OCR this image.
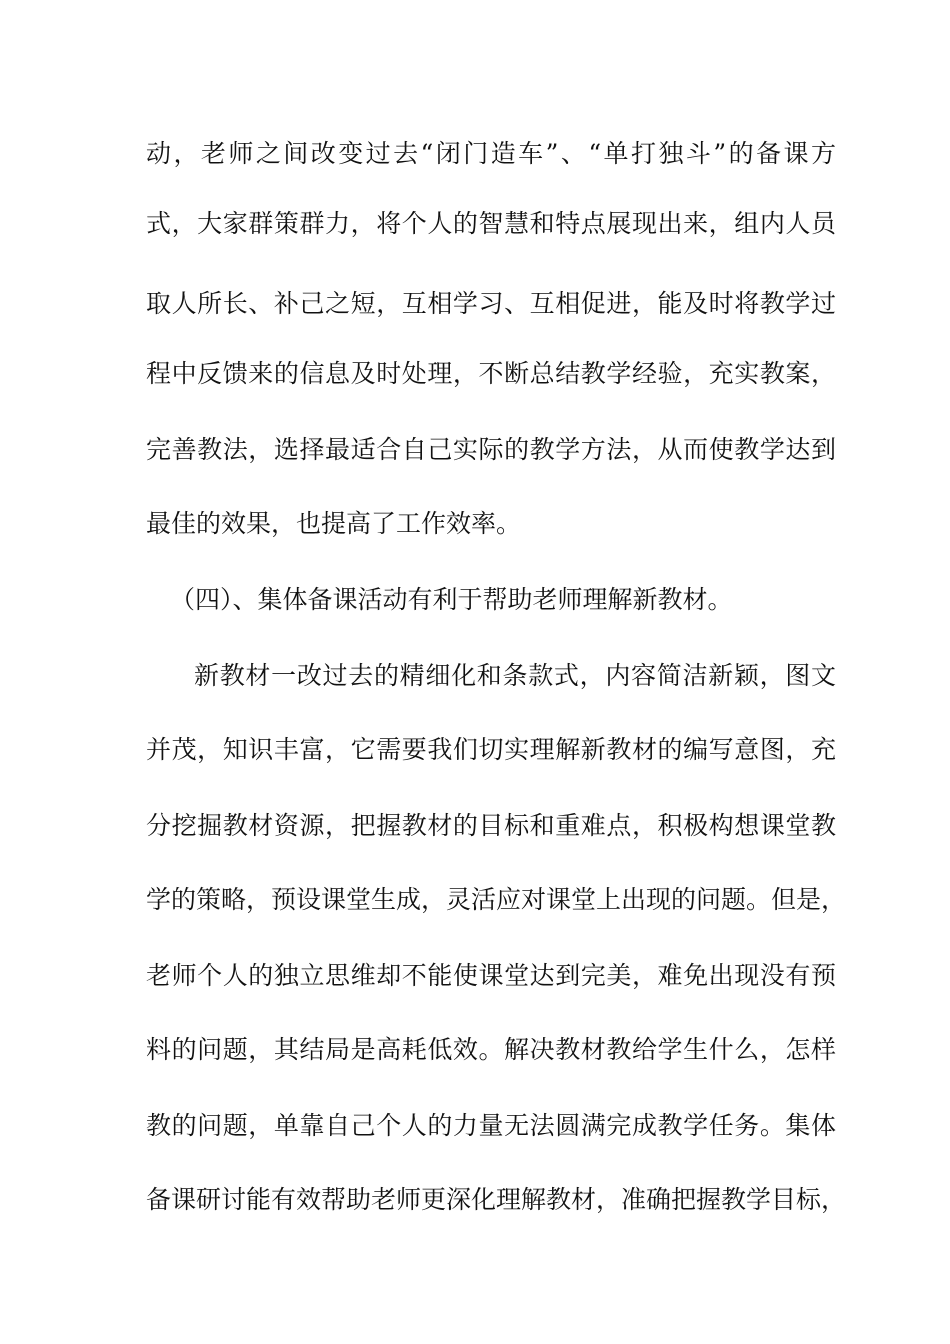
动，老师之间改变过去“闭门造车”、“单打独斗”的备课方
式，大家群策群力，将个人的智慧和特点展现出来，组内人员
取人所长、补己之短，互相学习、互相促进，能及时将教学过
程中反馈来的信息及时处理，不断总结教学经验，充实教案，
完善教法，选择最适合自己实际的教学方法，从而使教学达到
最佳的效果，也提高了工作效率。
（四）、集体备课活动有利于帮助老师理解新教材。
新教材一改过去的精细化和条款式，内容简洁新颖，图文
并茂，知识丰富，它需要我们切实理解新教材的编写意图，充
分挖掘教材资源，把握教材的目标和重难点，积极构想课堂教
学的策略，预设课堂生成，灵活应对课堂上出现的问题。但是，
老师个人的独立思维却不能使课堂达到完美，难免出现没有预
料的问题，其结局是高耗低效。解决教材教给学生什么，怎样
教的问题，单靠自己个人的力量无法圆满完成教学任务。集体
备课研讨能有效帮助老师更深化理解教材，准确把握教学目标，
